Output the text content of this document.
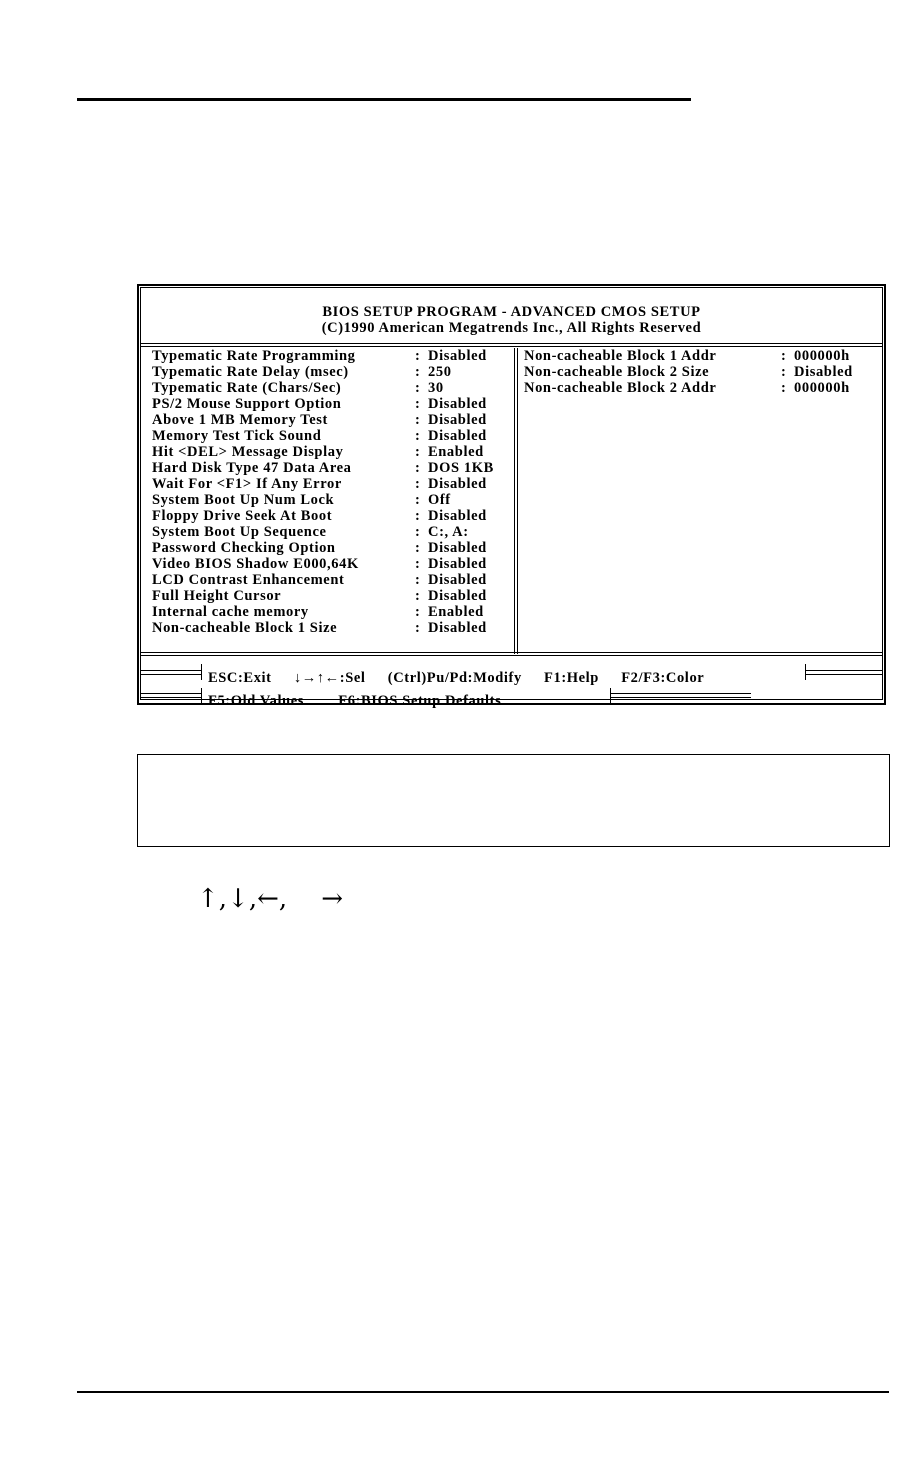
BIOS SETUP PROGRAM - ADVANCED CMOS SETUP
(C)1990 American Megatrends Inc., All Rights Reserved
Typematic Rate Programming	: Disabled
Typematic Rate Delay (msec)	: 250
Typematic Rate (Chars/Sec)	: 30
PS/2 Mouse Support Option	: Disabled
Above 1 MB Memory Test	: Disabled
Memory Test Tick Sound	: Disabled
Hit <DEL> Message Display	: Enabled
Hard Disk Type 47 Data Area	: DOS 1KB
Wait For <F1> If Any Error	: Disabled
System Boot Up Num Lock	: Off
Floppy Drive Seek At Boot	: Disabled
System Boot Up Sequence	: C:, A:
Password Checking Option	: Disabled
Video BIOS Shadow E000,64K	: Disabled
LCD Contrast Enhancement	: Disabled
Full Height Cursor	: Disabled
Internal cache memory	: Enabled
Non-cacheable Block 1 Size	: Disabled
Non-cacheable Block 1 Addr	: 000000h
Non-cacheable Block 2 Size	: Disabled
Non-cacheable Block 2 Addr	: 000000h
ESC:Exit ↓→↑←:Sel (Ctrl)Pu/Pd:Modify F1:Help F2/F3:Color
F5:Old Values F6:BIOS Setup Defaults
↑,↓,←, →
